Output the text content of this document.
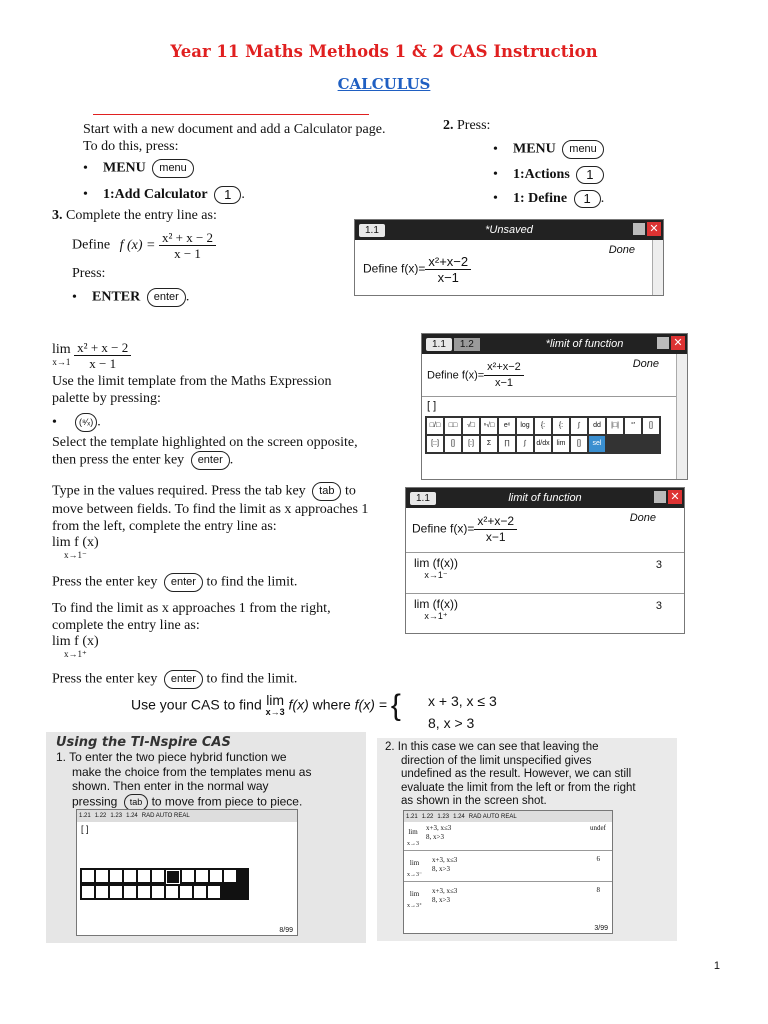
Year 11 Maths Methods 1 & 2 CAS Instruction
CALCULUS
Start with a new document and add a Calculator page.
To do this, press:
• MENU menu
• 1:Add Calculator 1 .
2. Press:
• MENU menu
• 1:Actions 1
• 1: Define 1 .
3. Complete the entry line as:
Define f $(x) = \frac{\text{x² + x − 2}}{x - 1}$
Press:
• ENTER enter .
1.1	*Unsaved	✕
Define $f(x)= \frac{\text{x²+x−2}}{x-1}$
Done
lim
x→1
$\frac{\text{x² + x − 2}}{x - 1}$
Use the limit template from the Maths Expression
palette by pressing:
• (⁸⁄ₓ) .
Select the template highlighted on the screen opposite,
then press the enter key enter .
1.1	1.2	*limit of function	✕
Define $f(x)= \frac{\text{x²+x−2}}{x-1}$	Done
[ ]
□/□	□□	√□	ⁿ√□	eˣ	log	{:	{:	∫	dd	|□|	°′	[]
[::]	[]	[:]	Σ	∏	∫	d/dx lim	[]	sel
Type in the values required. Press the tab key tab to
move between fields. To find the limit as x approaches 1
from the left, complete the entry line as:
lim f (x)
x→1⁻
Press the enter key enter to find the limit.
To find the limit as x approaches 1 from the right,
complete the entry line as:
lim f (x)
x→1⁺
Press the enter key enter to find the limit.
1.1	limit of function	✕
Define $f(x)= \frac{\text{x²+x−2}}{x-1}$	Done
lim (f(x))
x→1⁻
3
lim (f(x))
x→1⁺
3
Use your CAS to find lim
x→3 f(x) where f(x) = { x + 3, x ≤ 3
8, x > 3
Using the TI-Nspire CAS
1. To enter the two piece hybrid function we
make the choice from the templates menu as
shown. Then enter in the normal way
pressing tab to move from piece to piece.
1.21 1.22 1.23 1.24 RAD AUTO REAL
[ ]
8/99
2. In this case we can see that leaving the
direction of the limit unspecified gives
undefined as the result. However, we can still
evaluate the limit from the left or from the right
as shown in the screen shot.
1.21 1.22 1.23 1.24 RAD AUTO REAL
lim
x→3
x+3, x≤3
8, x>3
undef
lim
x→3⁻
x+3, x≤3
8, x>3
6
lim
x→3⁺
x+3, x≤3
8, x>3
8
3/99
1
